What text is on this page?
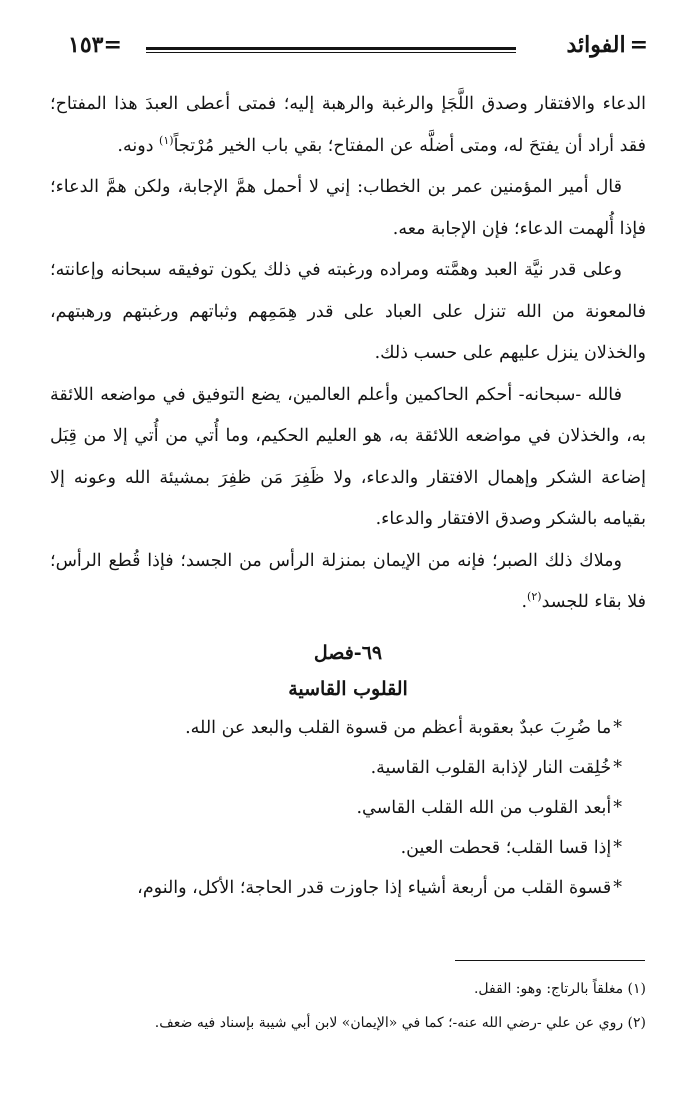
=الفوائد
١٥٣=

الدعاء والافتقار وصدق اللَّجَإ والرغبة والرهبة إليه؛ فمتى أعطى العبدَ هذا المفتاح؛ فقد أراد أن يفتحَ له، ومتى أضلَّه عن المفتاح؛ بقي باب الخير مُرْتجاً$^{(١)}$ دونه.

قال أمير المؤمنين عمر بن الخطاب: إني لا أحمل همَّ الإجابة، ولكن همَّ الدعاء؛ فإذا أُلهمت الدعاء؛ فإن الإجابة معه.

وعلى قدر نيَّة العبد وهمَّته ومراده ورغبته في ذلك يكون توفيقه سبحانه وإعانته؛ فالمعونة من الله تنزل على العباد على قدر هِمَمِهم وثباتهم ورغبتهم ورهبتهم، والخذلان ينزل عليهم على حسب ذلك.

فالله -سبحانه- أحكم الحاكمين وأعلم العالمين، يضع التوفيق في مواضعه اللائقة به، والخذلان في مواضعه اللائقة به، هو العليم الحكيم، وما أُتي من أُتي إلا من قِبَل إضاعة الشكر وإهمال الافتقار والدعاء، ولا ظَفِرَ مَن ظفِرَ بمشيئة الله وعونه إلا بقيامه بالشكر وصدق الافتقار والدعاء.

وملاك ذلك الصبر؛ فإنه من الإيمان بمنزلة الرأس من الجسد؛ فإذا قُطع الرأس؛ فلا بقاء للجسد$^{(٢)}$.

٦٩-فصل
القلوب القاسية
*ما ضُرِبَ عبدٌ بعقوبة أعظم من قسوة القلب والبعد عن الله.
*خُلِقت النار لإذابة القلوب القاسية.
*أبعد القلوب من الله القلب القاسي.
*إذا قسا القلب؛ قحطت العين.
*قسوة القلب من أربعة أشياء إذا جاوزت قدر الحاجة؛ الأكل، والنوم،

(١) مغلقاً بالرتاج: وهو: القفل.

(٢) روي عن علي -رضي الله عنه-؛ كما في «الإيمان» لابن أبي شيبة بإسناد فيه ضعف.
